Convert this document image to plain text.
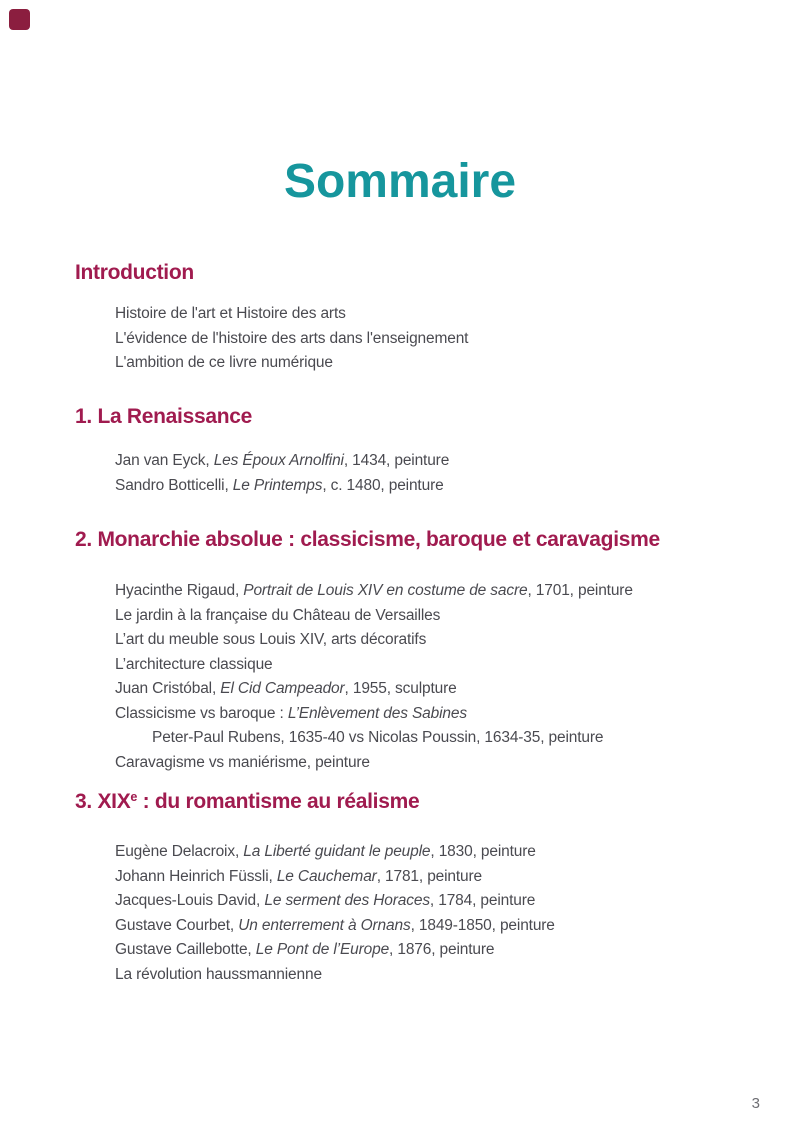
Sommaire
Introduction
Histoire de l'art et Histoire des arts
L'évidence de l'histoire des arts dans l'enseignement
L'ambition de ce livre numérique
1. La Renaissance
Jan van Eyck, Les Époux Arnolfini, 1434, peinture
Sandro Botticelli, Le Printemps, c. 1480, peinture
2. Monarchie absolue : classicisme, baroque et caravagisme
Hyacinthe Rigaud, Portrait de Louis XIV en costume de sacre, 1701, peinture
Le jardin à la française du Château de Versailles
L’art du meuble sous Louis XIV, arts décoratifs
L’architecture classique
Juan Cristóbal, El Cid Campeador, 1955, sculpture
Classicisme vs baroque : L’Enlèvement des Sabines
Peter-Paul Rubens, 1635-40 vs Nicolas Poussin, 1634-35, peinture
Caravagisme vs maniérisme, peinture
3. XIXe : du romantisme au réalisme
Eugène Delacroix, La Liberté guidant le peuple, 1830, peinture
Johann Heinrich Füssli, Le Cauchemar, 1781, peinture
Jacques-Louis David, Le serment des Horaces, 1784, peinture
Gustave Courbet, Un enterrement à Ornans, 1849-1850, peinture
Gustave Caillebotte, Le Pont de l’Europe, 1876, peinture
La révolution haussmannienne
3
